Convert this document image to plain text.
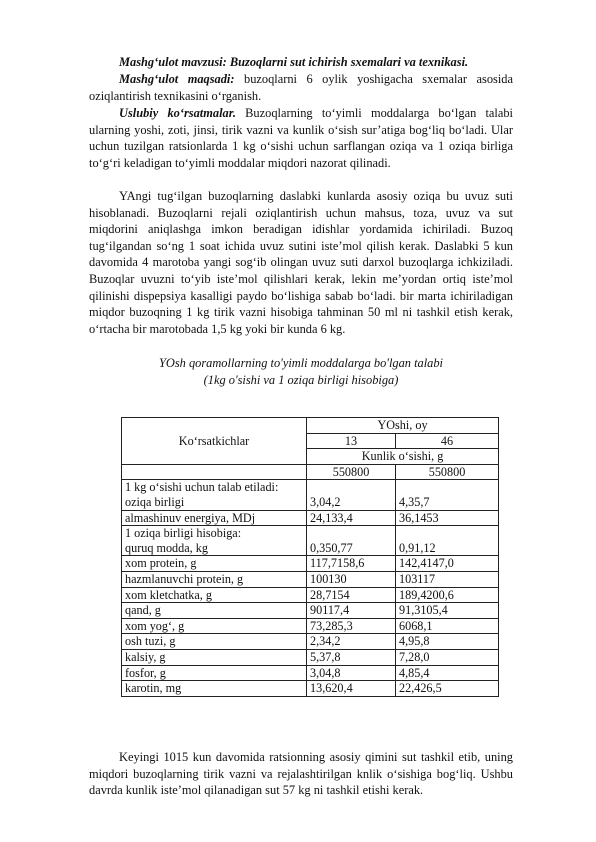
Mashg‘ulot mavzusi: Buzoqlarni sut ichirish sxemalari va texnikasi.

Mashg‘ulot maqsadi: buzoqlarni 6 oylik yoshigacha sxemalar asosida oziqlantirish texnikasini o‘rganish.

Uslubiy ko‘rsatmalar. Buzoqlarning to‘yimli moddalarga bo‘lgan talabi ularning yoshi, zoti, jinsi, tirik vazni va kunlik o‘sish sur’atiga bog‘liq bo‘ladi. Ular uchun tuzilgan ratsionlarda 1 kg o‘sishi uchun sarflangan oziqa va 1 oziqa birliga to‘g‘ri keladigan to‘yimli moddalar miqdori nazorat qilinadi.

YAngi tug‘ilgan buzoqlarning daslabki kunlarda asosiy oziqa bu uvuz suti hisoblanadi. Buzoqlarni rejali oziqlantirish uchun mahsus, toza, uvuz va sut miqdorini aniqlashga imkon beradigan idishlar yordamida ichiriladi. Buzoq tug‘ilgandan so‘ng 1 soat ichida uvuz sutini iste’mol qilish kerak. Daslabki 5 kun davomida 4 marotoba yangi sog‘ib olingan uvuz suti darxol buzoqlarga ichkiziladi. Buzoqlar uvuzni to‘yib iste’mol qilishlari kerak, lekin me’yordan ortiq iste’mol qilinishi dispepsiya kasalligi paydo bo‘lishiga sabab bo‘ladi. bir marta ichiriladigan miqdor buzoqning 1 kg tirik vazni hisobiga tahminan 50 ml ni tashkil etish kerak, o‘rtacha bir marotobada 1,5 kg yoki bir kunda 6 kg.

YOsh qoramollarning to'yimli moddalarga bo'lgan talabi

(1kg o'sishi va 1 oziqa birligi hisobiga)

Ko‘rsatkichlar	YOshi, oy	
	13	46
	Kunlik o‘sishi, g	
	550800	550800
1 kg o‘sishi uchun talab etiladi:
oziqa birligi	3,04,2	4,35,7
almashinuv energiya, MDj	24,133,4	36,1453
1 oziqa birligi hisobiga:
quruq modda, kg	0,350,77	0,91,12
xom protein, g	117,7158,6	142,4147,0
hazmlanuvchi protein, g	100130	103117
xom kletchatka, g	28,7154	189,4200,6
qand, g	90117,4	91,3105,4
xom yog‘, g	73,285,3	6068,1
osh tuzi, g	2,34,2	4,95,8
kalsiy, g	5,37,8	7,28,0
fosfor, g	3,04,8	4,85,4
karotin, mg	13,620,4	22,426,5

Keyingi 1015 kun davomida ratsionning asosiy qimini sut tashkil etib, uning miqdori buzoqlarning tirik vazni va rejalashtirilgan knlik o‘sishiga bog‘liq. Ushbu davrda kunlik iste’mol qilanadigan sut 57 kg ni tashkil etishi kerak.
